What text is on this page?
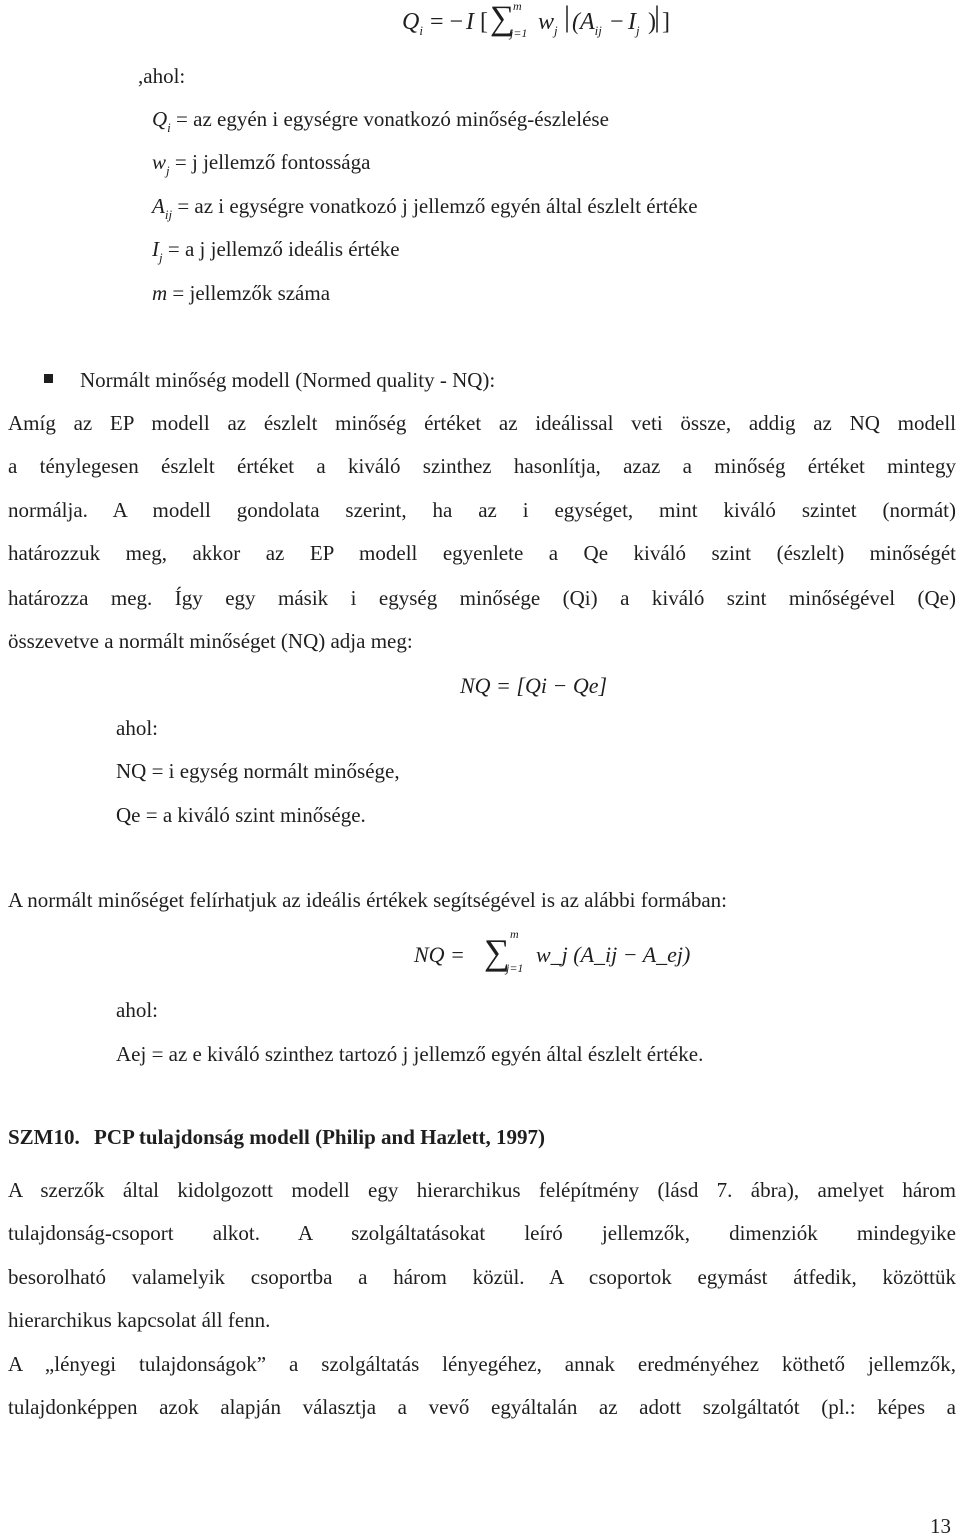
$Q_i$ = − I [ ∑
m
j=1 $w_j$ | ($A_{ij} - I_j$ )
| ]
,ahol:
$Q_i$ = az egyén i egységre vonatkozó minőség-észlelése
$w_j = j$ jellemző fontossága
$A_{ij}$ = az i egységre vonatkozó j jellemző egyén által észlelt értéke
$I_j = a$ j jellemző ideális értéke
m = jellemzők száma
Normált minőség modell (Normed quality - NQ):
Amíg az EP modell az észlelt minőség értéket az ideálissal veti össze, addig az NQ modell
a ténylegesen észlelt értéket a kiváló szinthez hasonlítja, azaz a minőség értéket mintegy
normálja. A modell gondolata szerint, ha az i egységet, mint kiváló szintet (normát)
határozzuk meg, akkor az EP modell egyenlete a Qe kiváló szint (észlelt) minőségét
határozza meg. Így egy másik i egység minősége (Qi) a kiváló szint minőségével (Qe)
összevetve a normált minőséget (NQ) adja meg:
NQ = [Qi − Qe]
ahol:
NQ = i egység normált minősége,
Qe = a kiváló szint minősége.
A normált minőséget felírhatjuk az ideális értékek segítségével is az alábbi formában:
NQ = ∑ m
j=1
w_j (A_ij − A_ej)
ahol:
Aej = az e kiváló szinthez tartozó j jellemző egyén által észlelt értéke.
SZM10. PCP tulajdonság modell (Philip and Hazlett, 1997)
A szerzők által kidolgozott modell egy hierarchikus felépítmény (lásd 7. ábra), amelyet három
tulajdonság-csoport alkot. A szolgáltatásokat leíró jellemzők, dimenziók mindegyike
besorolható valamelyik csoportba a három közül. A csoportok egymást átfedik, közöttük
hierarchikus kapcsolat áll fenn.
A „lényegi tulajdonságok” a szolgáltatás lényegéhez, annak eredményéhez köthető jellemzők,
tulajdonképpen azok alapján választja a vevő egyáltalán az adott szolgáltatót (pl.: képes a
13
